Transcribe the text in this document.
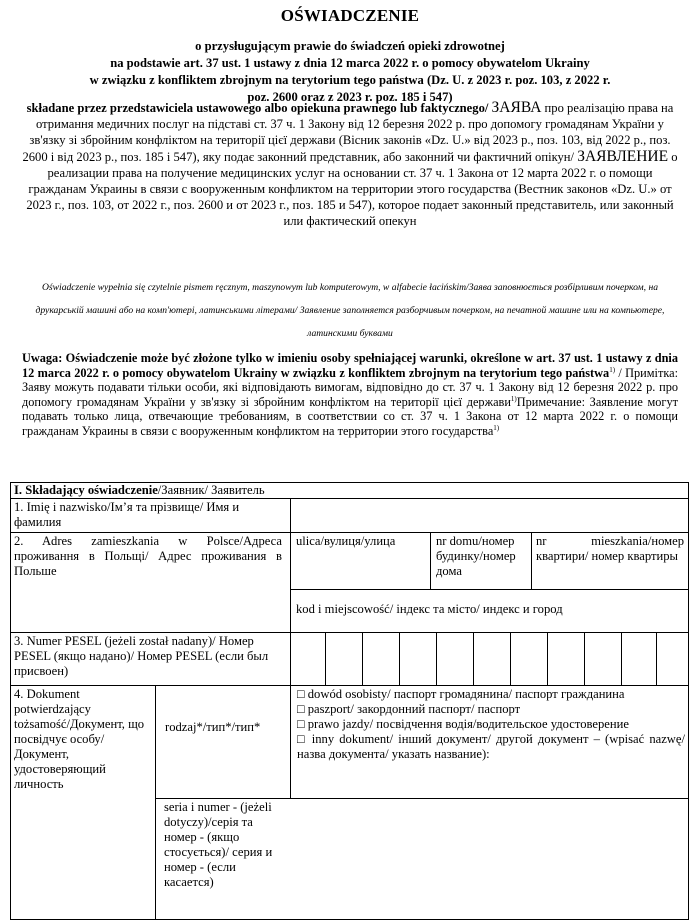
OŚWIADCZENIE
o przysługującym prawie do świadczeń opieki zdrowotnej
na podstawie art. 37 ust. 1 ustawy z dnia 12 marca 2022 r. o pomocy obywatelom Ukrainy
w związku z konfliktem zbrojnym na terytorium tego państwa (Dz. U. z 2023 r. poz. 103, z 2022 r.
poz. 2600 oraz z 2023 r. poz. 185 i 547)
składane przez przedstawiciela ustawowego albo opiekuna prawnego lub faktycznego/ ЗАЯВА про реалізацію права на отримання медичних послуг на підставі ст. 37 ч. 1 Закону від 12 березня 2022 р. про допомогу громадянам України у зв'язку зі збройним конфліктом на території цієї держави (Вісник законів «Dz. U.» від 2023 р., поз. 103, від 2022 р., поз. 2600 і від 2023 р., поз. 185 і 547), яку подає законний представник, або законний чи фактичний опікун/ ЗАЯВЛЕНИЕ о реализации права на получение медицинских услуг на основании ст. 37 ч. 1 Закона от 12 марта 2022 г. о помощи гражданам Украины в связи с вооруженным конфликтом на территории этого государства (Вестник законов «Dz. U.» от 2023 г., поз. 103, от 2022 г., поз. 2600 и от 2023 г., поз. 185 и 547), которое подает законный представитель, или законный или фактический опекун
Oświadczenie wypełnia się czytelnie pismem ręcznym, maszynowym lub komputerowym, w alfabecie łacińskim/Заява заповнюється розбірливим почерком, на друкарській машині або на комп'ютері, латинськими літерами/ Заявление заполняется разборчивым почерком, на печатной машине или на компьютере, латинскими буквами
Uwaga: Oświadczenie może być złożone tylko w imieniu osoby spełniającej warunki, określone w art. 37 ust. 1 ustawy z dnia 12 marca 2022 r. o pomocy obywatelom Ukrainy w związku z konfliktem zbrojnym na terytorium tego państwa$^{1)}$ / Примітка: Заяву можуть подавати тільки особи, які відповідають вимогам, відповідно до ст. 37 ч. 1 Закону від 12 березня 2022 р. про допомогу громадянам України у зв'язку зі збройним конфліктом на території цієї держави$^{1)}$Примечание: Заявление могут подавать только лица, отвечающие требованиям, в соответствии со ст. 37 ч. 1 Закона от 12 марта 2022 г. о помощи гражданам Украины в связи с вооруженным конфликтом на территории этого государства$^{1)}$
I. Składający oświadczenie/Заявник/ Заявитель
1. Imię i nazwisko/Ім’я та прізвище/ Имя и фамилия
2. Adres zamieszkania w Polsce/Адреса проживання в Польщі/ Адрес проживания в Польше
ulica/вулиця/улица	nr domu/номер будинку/номер дома
nr mieszkania/номер квартири/ номер квартиры
kod i miejscowość/ індекс та місто/ индекс и город
3. Numer PESEL (jeżeli został nadany)/ Номер PESEL (якщо надано)/ Номер PESEL (если был присвоен)
4. Dokument potwierdzający tożsamość/Документ, що посвідчує особу/Документ, удостоверяющий личность
rodzaj*/тип*/тип*
□ dowód osobisty/ паспорт громадянина/ паспорт гражданина
□ paszport/ закордонний паспорт/ паспорт
□ prawo jazdy/ посвідчення водія/водительское удостоверение
□ inny dokument/ інший документ/ другой документ – (wpisać nazwę/ назва документа/ указать название):
seria i numer - (jeżeli dotyczy)/серія та номер - (якщо стосується)/ серия и номер - (если касается)
